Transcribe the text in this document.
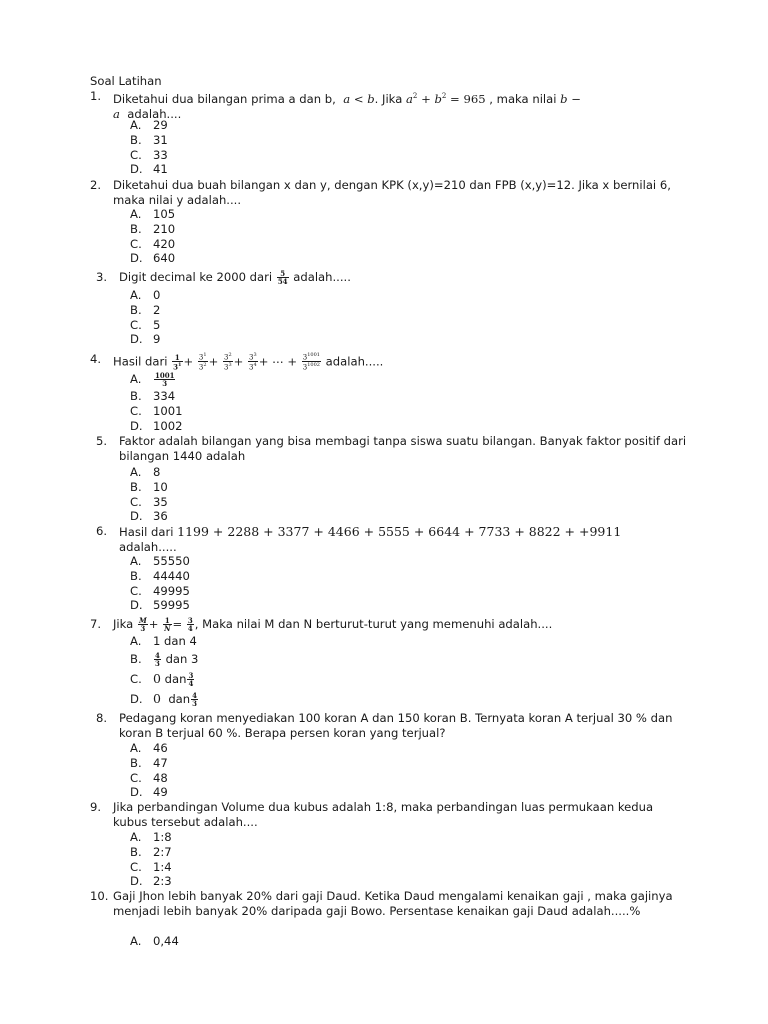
Soal Latihan
1. Diketahui dua bilangan prima a dan b, a < b. Jika $a^2 + b^2 = 965$ , maka nilai b −
a adalah....
A. 29
B. 31
C. 33
D. 41
2. Diketahui dua buah bilangan x dan y, dengan KPK (x,y)=210 dan FPB (x,y)=12. Jika x bernilai 6, maka nilai y adalah....
A. 105
B. 210
C. 420
D. 640
3. Digit decimal ke 2000 dari $\frac{5}{54}$ adalah.....
A. 0
B. 2
C. 5
D. 9
4. Hasil dari $\frac{1}{3^1} + \frac{3^1}{3^2} + \frac{3^2}{3^3} + \frac{3^3}{3^4}$ + ⋯ + $\frac{3^{1001}}{3^{1002}}$ adalah.....
A. $\frac{1001}{3}$
B. 334
C. 1001
D. 1002
5. Faktor adalah bilangan yang bisa membagi tanpa siswa suatu bilangan. Banyak faktor positif dari bilangan 1440 adalah
A. 8
B. 10
C. 35
D. 36
6. Hasil dari 1199 + 2288 + 3377 + 4466 + 5555 + 6644 + 7733 + 8822 + +9911
adalah.....
A. 55550
B. 44440
C. 49995
D. 59995
7. Jika $\frac{M}{3} + \frac{1}{N} = \frac{3}{4}$ , Maka nilai M dan N berturut-turut yang memenuhi adalah....
A. 1 dan 4
B. $\frac{4}{3}$ dan 3
C. 0 dan $\frac{3}{4}$
D. 0 dan $\frac{4}{3}$
8. Pedagang koran menyediakan 100 koran A dan 150 koran B. Ternyata koran A terjual 30 % dan koran B terjual 60 %. Berapa persen koran yang terjual?
A. 46
B. 47
C. 48
D. 49
9. Jika perbandingan Volume dua kubus adalah 1:8, maka perbandingan luas permukaan kedua kubus tersebut adalah....
A. 1:8
B. 2:7
C. 1:4
D. 2:3
10. Gaji Jhon lebih banyak 20% dari gaji Daud. Ketika Daud mengalami kenaikan gaji , maka gajinya menjadi lebih banyak 20% daripada gaji Bowo. Persentase kenaikan gaji Daud adalah.....%
A. 0,44
